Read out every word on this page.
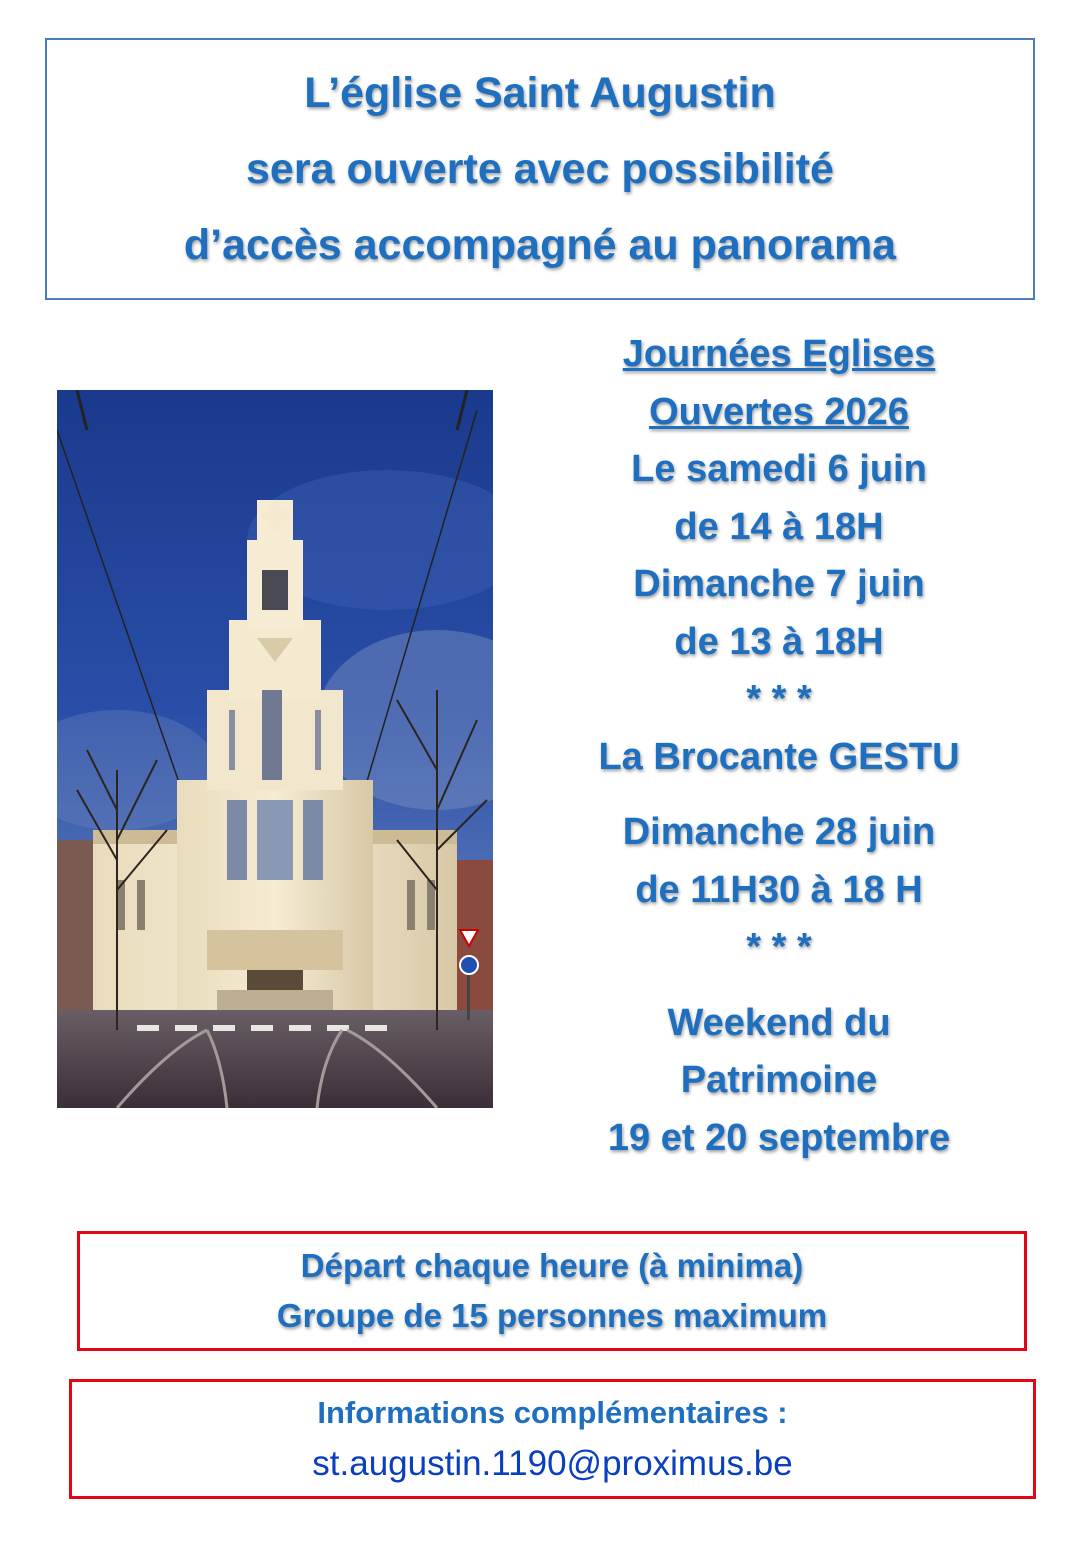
L’église Saint Augustin
sera ouverte avec possibilité
d’accès accompagné au panorama
Journées Eglises
Ouvertes 2026
Le samedi 6 juin
de 14 à 18H
Dimanche 7 juin
de 13 à 18H
* * *
La Brocante GESTU
Dimanche 28 juin
de 11H30 à 18 H
* * *
Weekend du
Patrimoine
19 et 20 septembre
Départ chaque heure (à minima)
Groupe de 15 personnes maximum
Informations complémentaires :
st.augustin.1190@proximus.be
